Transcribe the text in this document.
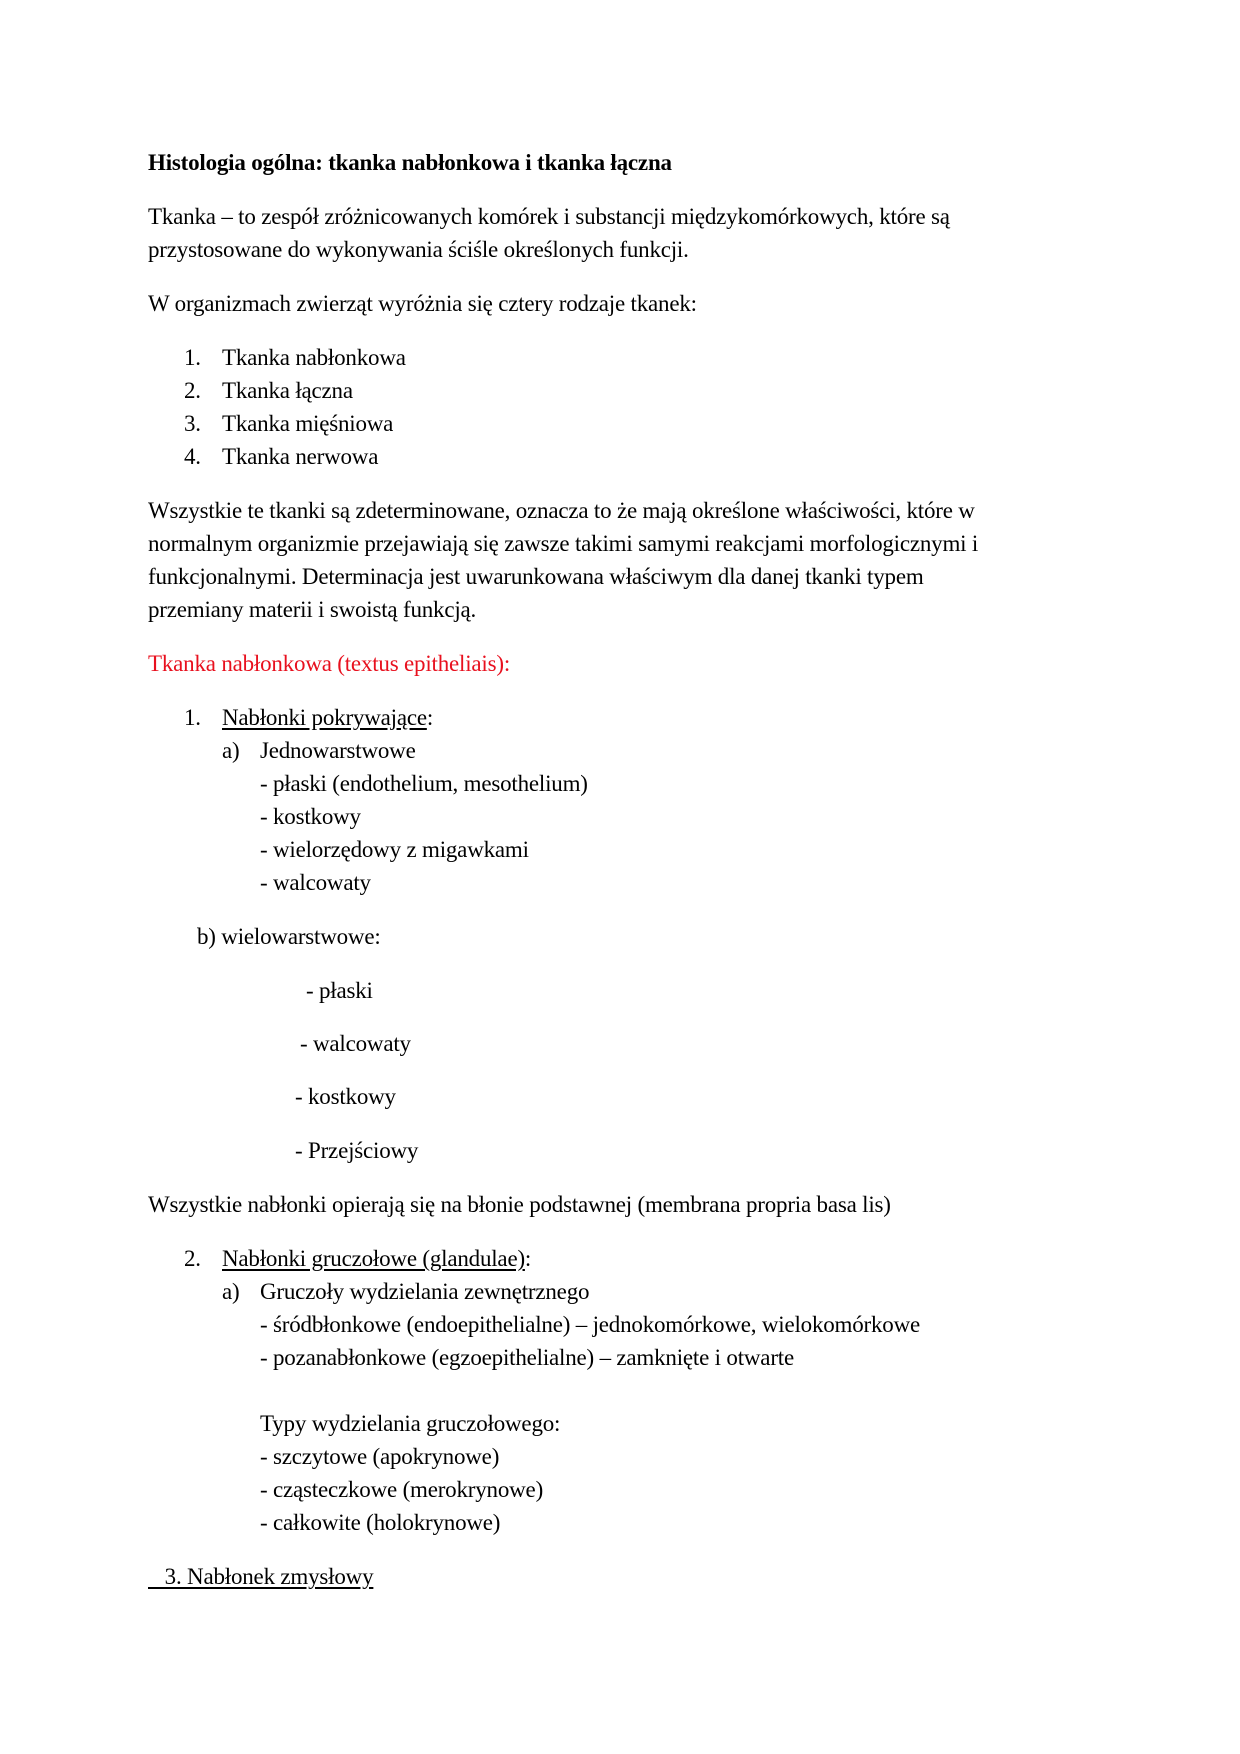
Histologia ogólna: tkanka nabłonkowa i tkanka łączna
Tkanka – to zespół zróżnicowanych komórek i substancji międzykomórkowych, które są
przystosowane do wykonywania ściśle określonych funkcji.
W organizmach zwierząt wyróżnia się cztery rodzaje tkanek:
1. Tkanka nabłonkowa
2. Tkanka łączna
3. Tkanka mięśniowa
4. Tkanka nerwowa
Wszystkie te tkanki są zdeterminowane, oznacza to że mają określone właściwości, które w
normalnym organizmie przejawiają się zawsze takimi samymi reakcjami morfologicznymi i
funkcjonalnymi. Determinacja jest uwarunkowana właściwym dla danej tkanki typem
przemiany materii i swoistą funkcją.
Tkanka nabłonkowa (textus epitheliais):
1. Nabłonki pokrywające:
a) Jednowarstwowe
- płaski (endothelium, mesothelium)
- kostkowy
- wielorzędowy z migawkami
- walcowaty
b) wielowarstwowe:
- płaski
- walcowaty
- kostkowy
- Przejściowy
Wszystkie nabłonki opierają się na błonie podstawnej (membrana propria basa lis)
2. Nabłonki gruczołowe (glandulae):
a) Gruczoły wydzielania zewnętrznego
- śródbłonkowe (endoepithelialne) – jednokomórkowe, wielokomórkowe
- pozanabłonkowe (egzoepithelialne) – zamknięte i otwarte
Typy wydzielania gruczołowego:
- szczytowe (apokrynowe)
- cząsteczkowe (merokrynowe)
- całkowite (holokrynowe)
3. Nabłonek zmysłowy
